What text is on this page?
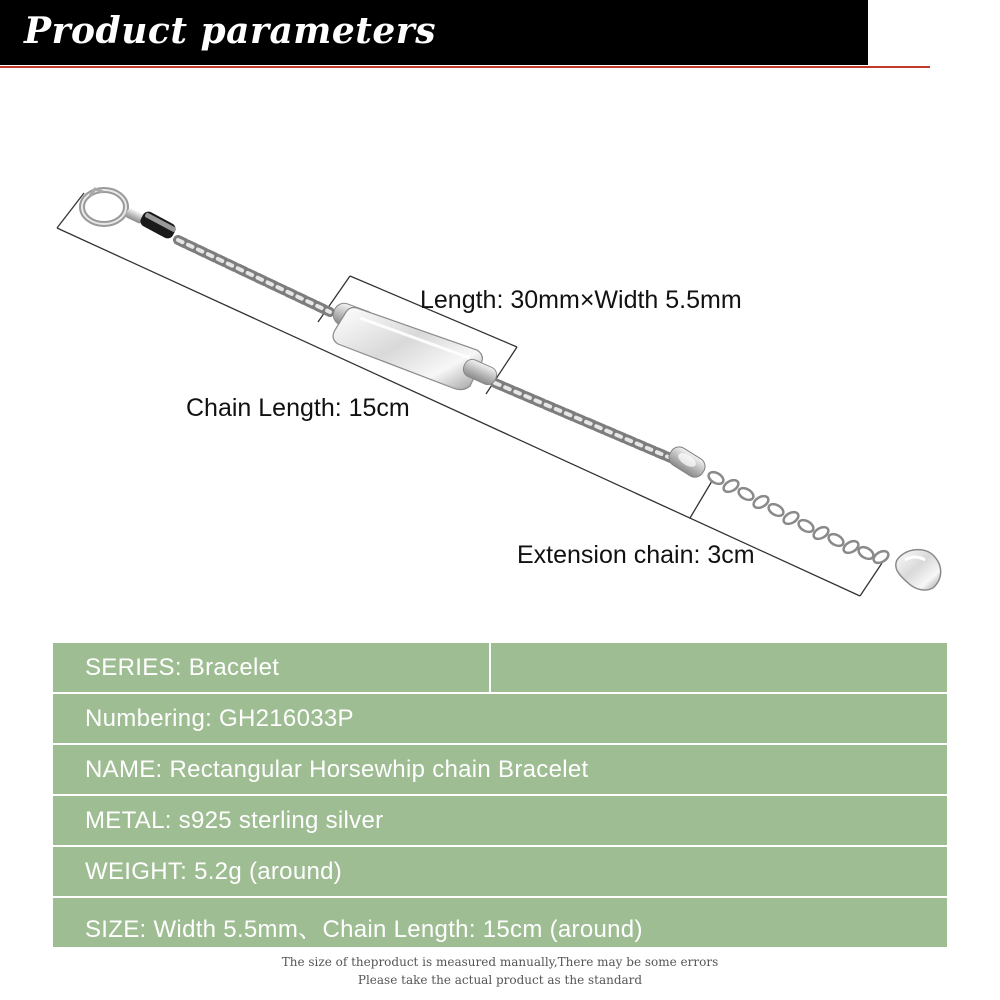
Product parameters
Length: 30mm×Width 5.5mm
Chain Length: 15cm
Extension chain: 3cm
SERIES: Bracelet
Numbering: GH216033P
NAME: Rectangular Horsewhip chain Bracelet
METAL: s925 sterling silver
WEIGHT: 5.2g (around)
SIZE: Width 5.5mm、Chain Length: 15cm (around)
The size of theproduct is measured manually,There may be some errors
Please take the actual product as the standard
